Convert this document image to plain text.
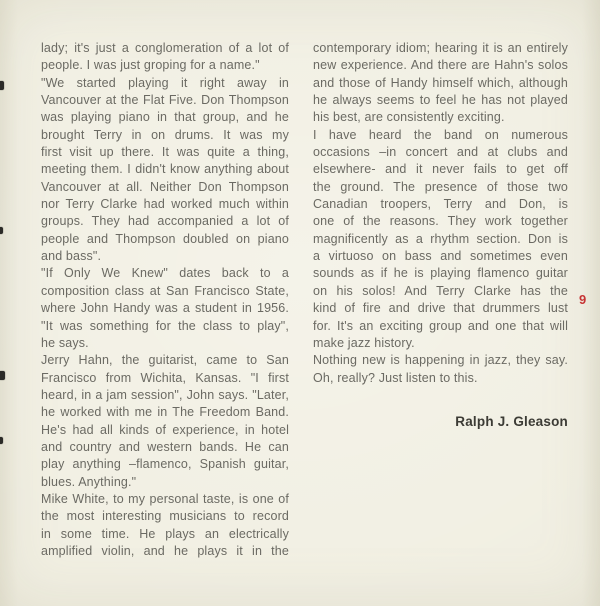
lady; it's just a conglomeration of a lot of
people. I was just groping for a name."
"We started playing it right away in
Vancouver at the Flat Five. Don Thompson
was playing piano in that group, and he
brought Terry in on drums. It was my
first visit up there. It was quite a thing,
meeting them. I didn't know anything about
Vancouver at all. Neither Don Thompson
nor Terry Clarke had worked much within
groups. They had accompanied a lot of
people and Thompson doubled on piano
and bass".
"If Only We Knew" dates back to a
composition class at San Francisco State,
where John Handy was a student in 1956.
"It was something for the class to play",
he says.
Jerry Hahn, the guitarist, came to San
Francisco from Wichita, Kansas. "I first
heard, in a jam session", John says. "Later,
he worked with me in The Freedom Band.
He's had all kinds of experience, in hotel
and country and western bands. He can
play anything –flamenco, Spanish guitar,
blues. Anything."
Mike White, to my personal taste, is one of
the most interesting musicians to record
in some time. He plays an electrically
amplified violin, and he plays it in the
contemporary idiom; hearing it is an entirely
new experience. And there are Hahn's solos
and those of Handy himself which, although
he always seems to feel he has not played
his best, are consistently exciting.
I have heard the band on numerous
occasions –in concert and at clubs and
elsewhere- and it never fails to get off
the ground. The presence of those two
Canadian troopers, Terry and Don, is
one of the reasons. They work together
magnificently as a rhythm section. Don is
a virtuoso on bass and sometimes even
sounds as if he is playing flamenco guitar
on his solos! And Terry Clarke has the
kind of fire and drive that drummers lust
for. It's an exciting group and one that will
make jazz history.
Nothing new is happening in jazz, they say.
Oh, really? Just listen to this.
Ralph J. Gleason
9
